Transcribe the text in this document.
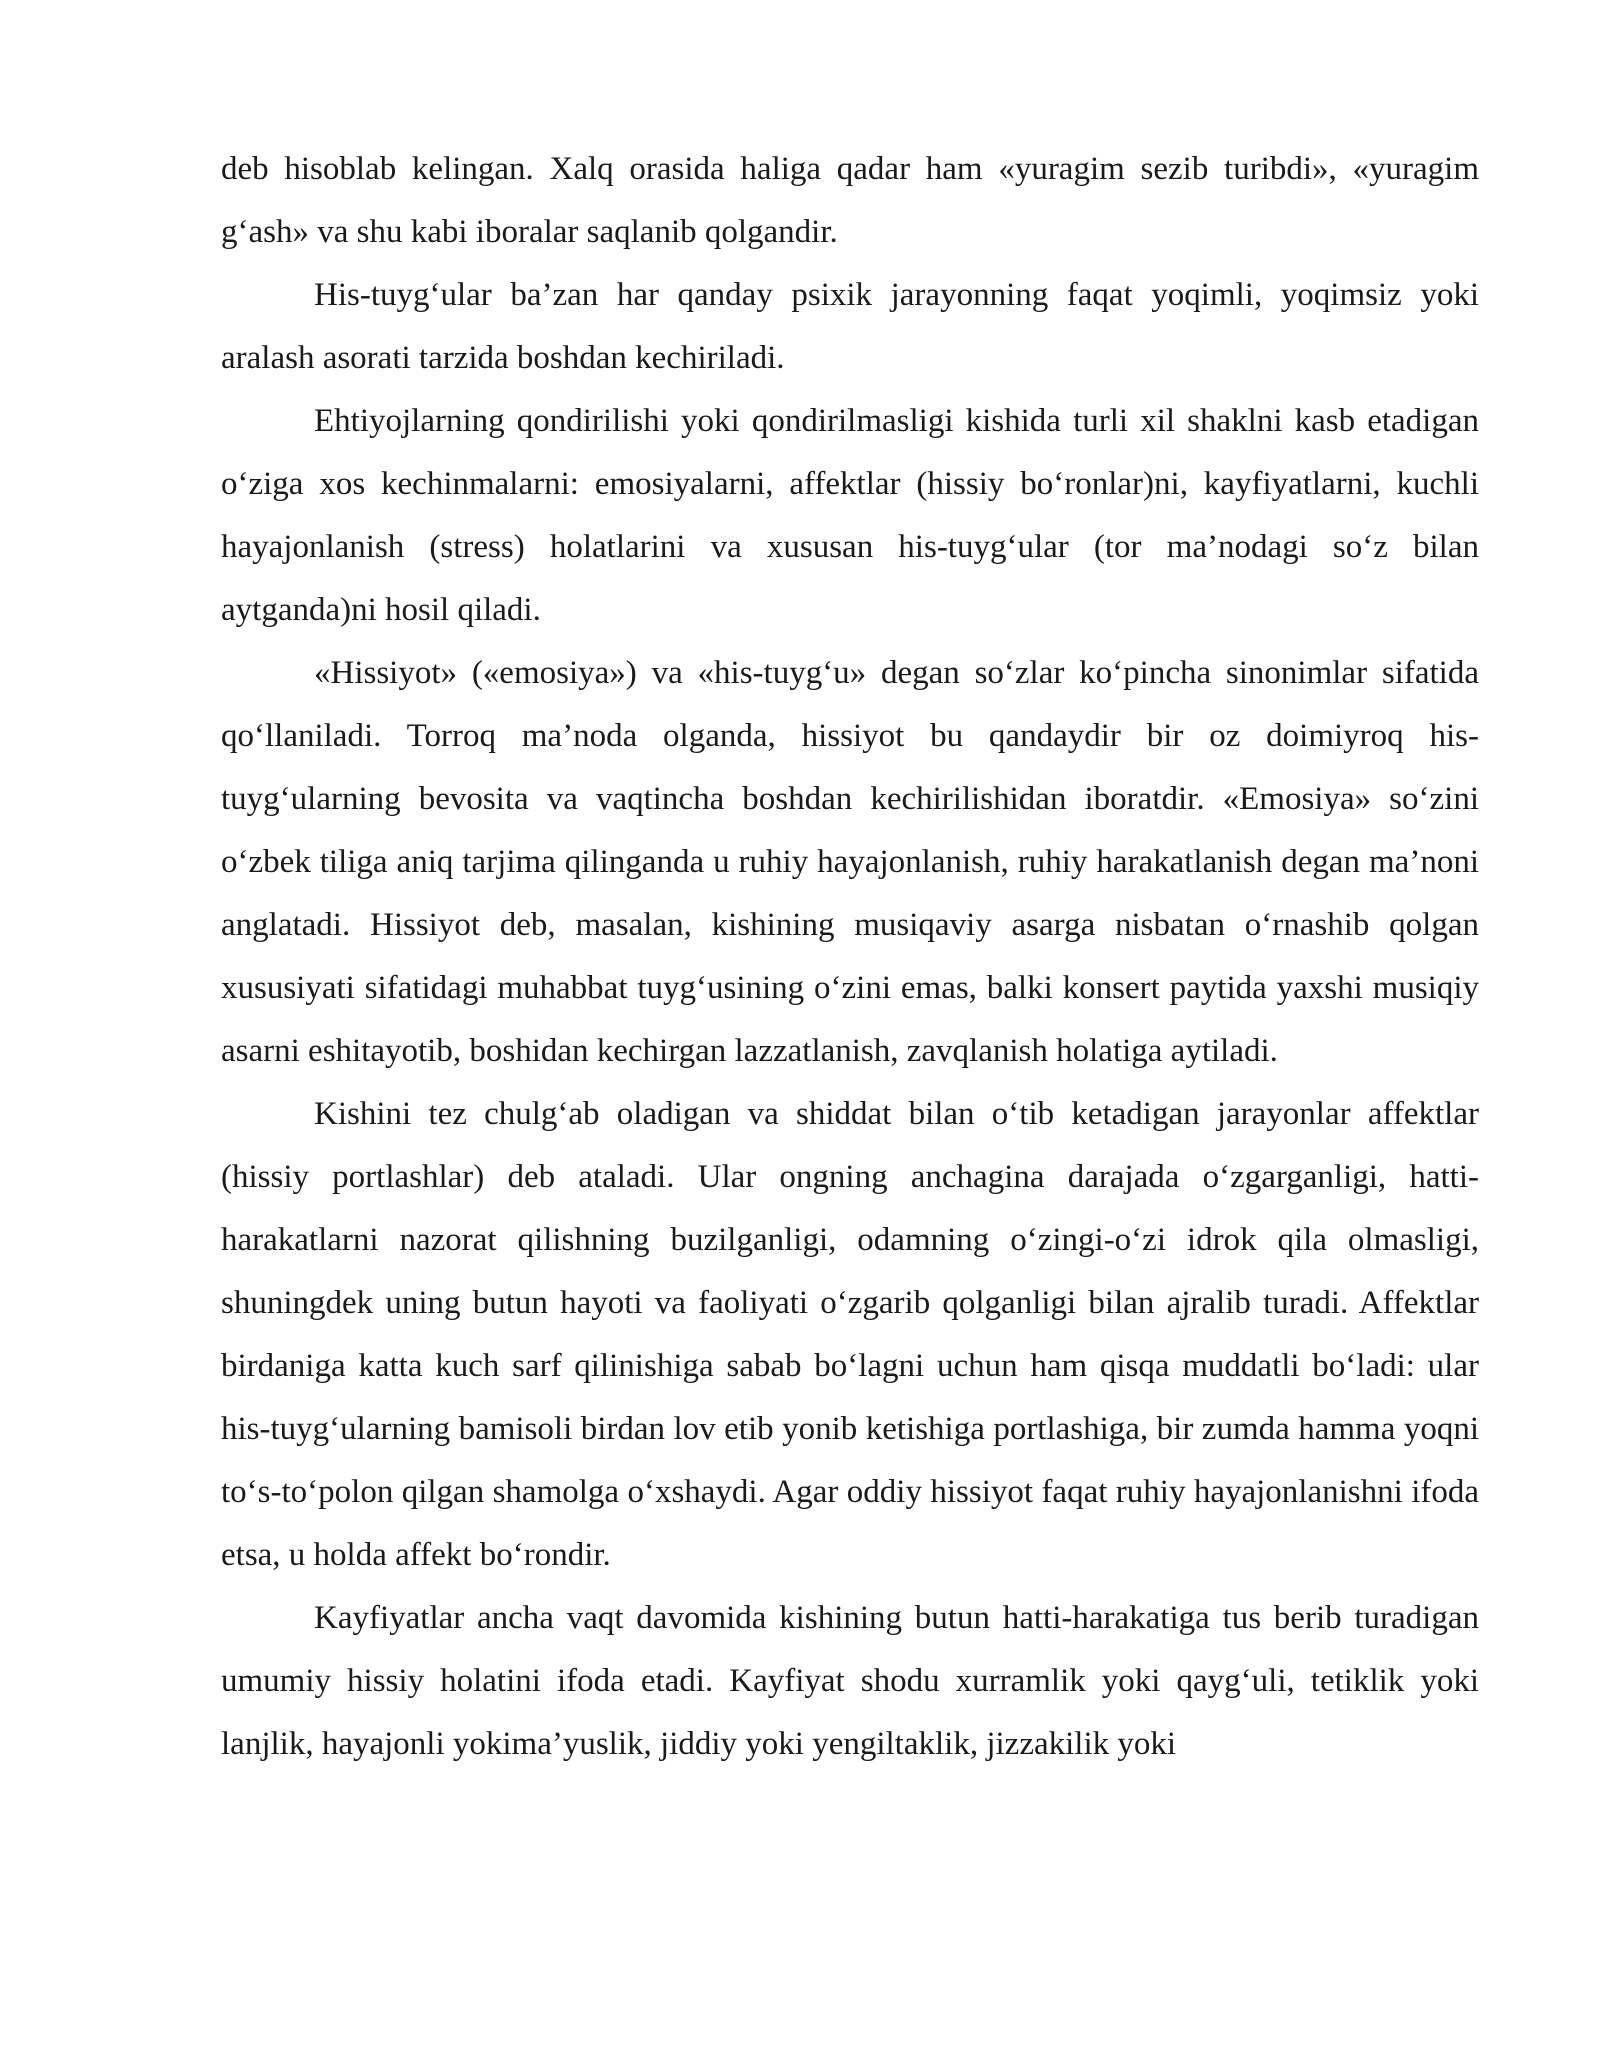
deb hisoblab kelingan. Xalq orasida haliga qadar ham «yuragim sezib turibdi», «yuragim g‘ash» va shu kabi iboralar saqlanib qolgandir.

His-tuyg‘ular ba’zan har qanday psixik jarayonning faqat yoqimli, yoqimsiz yoki aralash asorati tarzida boshdan kechiriladi.

Ehtiyojlarning qondirilishi yoki qondirilmasligi kishida turli xil shaklni kasb etadigan o‘ziga xos kechinmalarni: emosiyalarni, affektlar (hissiy bo‘ronlar)ni, kayfiyatlarni, kuchli hayajonlanish (stress) holatlarini va xususan his-tuyg‘ular (tor ma’nodagi so‘z bilan aytganda)ni hosil qiladi.

«Hissiyot» («emosiya») va «his-tuyg‘u» degan so‘zlar ko‘pincha sinonimlar sifatida qo‘llaniladi. Torroq ma’noda olganda, hissiyot bu qandaydir bir oz doimiyroq his-tuyg‘ularning bevosita va vaqtincha boshdan kechirilishidan iboratdir. «Emosiya» so‘zini o‘zbek tiliga aniq tarjima qilinganda u ruhiy hayajonlanish, ruhiy harakatlanish degan ma’noni anglatadi. Hissiyot deb, masalan, kishining musiqaviy asarga nisbatan o‘rnashib qolgan xususiyati sifatidagi muhabbat tuyg‘usining o‘zini emas, balki konsert paytida yaxshi musiqiy asarni eshitayotib, boshidan kechirgan lazzatlanish, zavqlanish holatiga aytiladi.

Kishini tez chulg‘ab oladigan va shiddat bilan o‘tib ketadigan jarayonlar affektlar (hissiy portlashlar) deb ataladi. Ular ongning anchagina darajada o‘zgarganligi, hatti-harakatlarni nazorat qilishning buzilganligi, odamning o‘zingi-o‘zi idrok qila olmasligi, shuningdek uning butun hayoti va faoliyati o‘zgarib qolganligi bilan ajralib turadi. Affektlar birdaniga katta kuch sarf qilinishiga sabab bo‘lagni uchun ham qisqa muddatli bo‘ladi: ular his-tuyg‘ularning bamisoli birdan lov etib yonib ketishiga portlashiga, bir zumda hamma yoqni to‘s-to‘polon qilgan shamolga o‘xshaydi. Agar oddiy hissiyot faqat ruhiy hayajonlanishni ifoda etsa, u holda affekt bo‘rondir.

Kayfiyatlar ancha vaqt davomida kishining butun hatti-harakatiga tus berib turadigan umumiy hissiy holatini ifoda etadi. Kayfiyat shodu xurramlik yoki qayg‘uli, tetiklik yoki lanjlik, hayajonli yokima’yuslik, jiddiy yoki yengiltaklik, jizzakilik yoki
